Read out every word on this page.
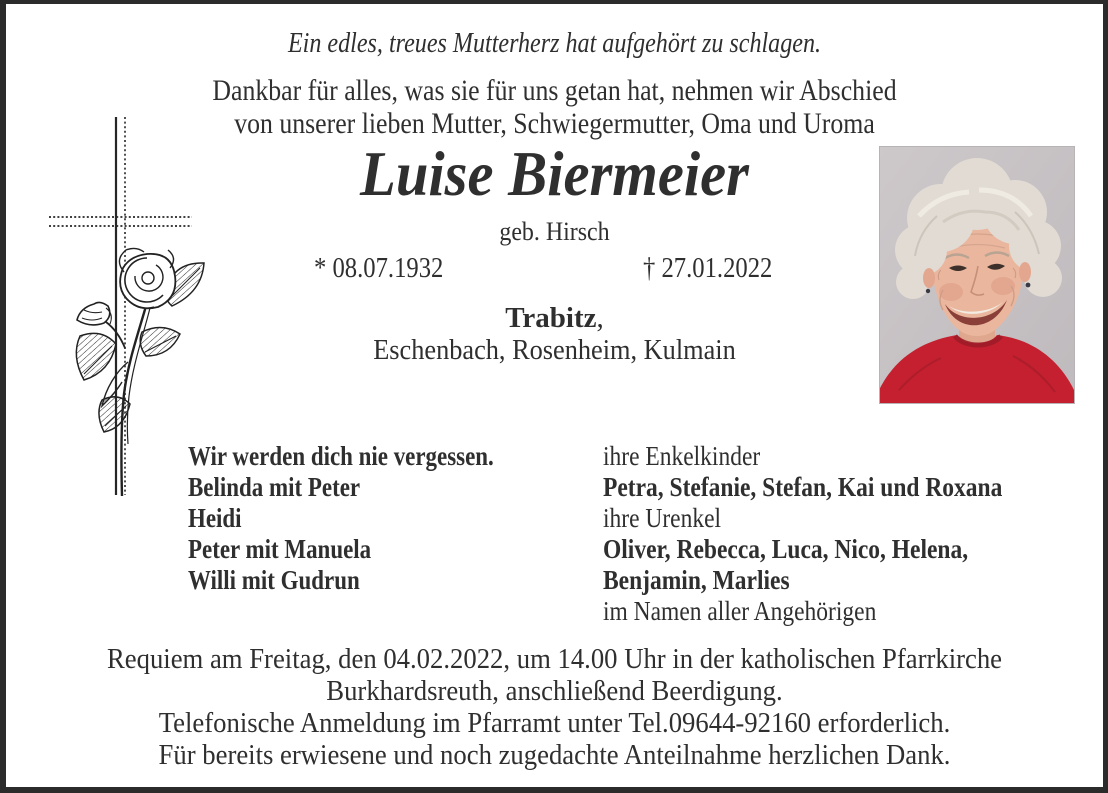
Ein edles, treues Mutterherz hat aufgehört zu schlagen.
Dankbar für alles, was sie für uns getan hat, nehmen wir Abschied
von unserer lieben Mutter, Schwiegermutter, Oma und Uroma
Luise Biermeier
geb. Hirsch
* 08.07.1932	† 27.01.2022
Trabitz,
Eschenbach, Rosenheim, Kulmain
Wir werden dich nie vergessen.
Belinda mit Peter
Heidi
Peter mit Manuela
Willi mit Gudrun
ihre Enkelkinder
Petra, Stefanie, Stefan, Kai und Roxana
ihre Urenkel
Oliver, Rebecca, Luca, Nico, Helena,
Benjamin, Marlies
im Namen aller Angehörigen
Requiem am Freitag, den 04.02.2022, um 14.00 Uhr in der katholischen Pfarrkirche
Burkhardsreuth, anschließend Beerdigung.
Telefonische Anmeldung im Pfarramt unter Tel.09644-92160 erforderlich.
Für bereits erwiesene und noch zugedachte Anteilnahme herzlichen Dank.
